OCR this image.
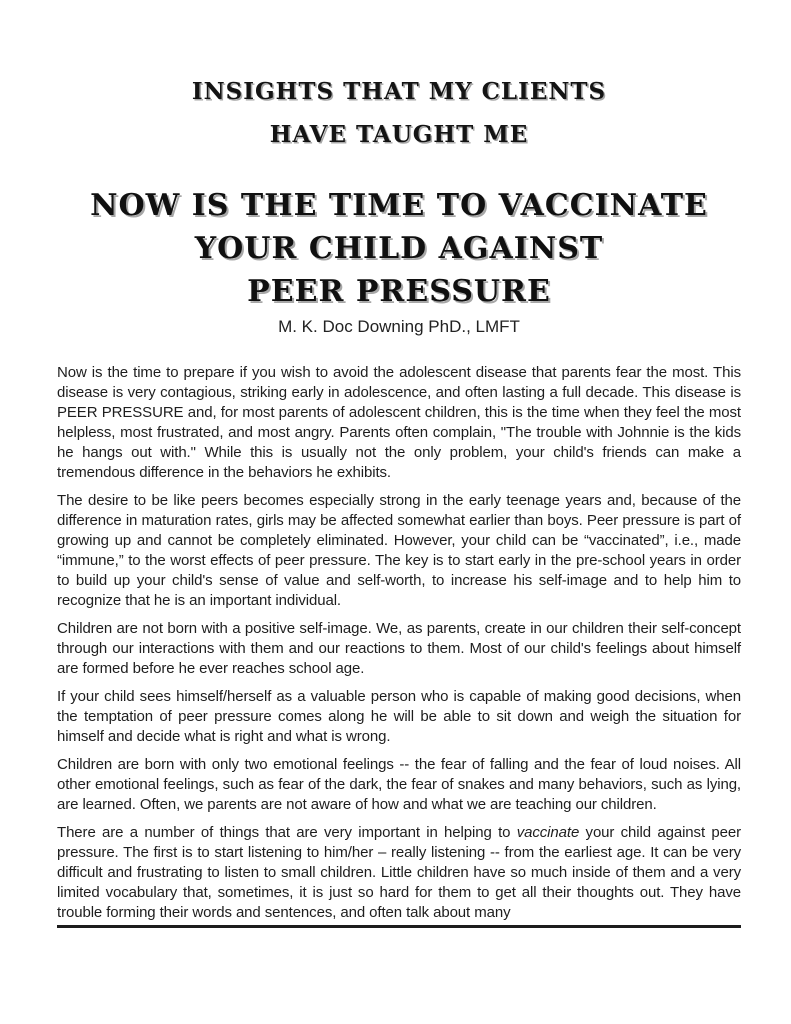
INSIGHTS THAT MY CLIENTS
HAVE TAUGHT ME
NOW IS THE TIME TO VACCINATE
YOUR CHILD AGAINST
PEER PRESSURE
M. K. Doc Downing PhD., LMFT

Now is the time to prepare if you wish to avoid the adolescent disease that parents fear the most. This disease is very contagious, striking early in adolescence, and often lasting a full decade. This disease is PEER PRESSURE and, for most parents of adolescent children, this is the time when they feel the most helpless, most frustrated, and most angry. Parents often complain, "The trouble with Johnnie is the kids he hangs out with." While this is usually not the only problem, your child's friends can make a tremendous difference in the behaviors he exhibits.

The desire to be like peers becomes especially strong in the early teenage years and, because of the difference in maturation rates, girls may be affected somewhat earlier than boys. Peer pressure is part of growing up and cannot be completely eliminated. However, your child can be “vaccinated”, i.e., made “immune,” to the worst effects of peer pressure. The key is to start early in the pre-school years in order to build up your child's sense of value and self-worth, to increase his self-image and to help him to recognize that he is an important individual.

Children are not born with a positive self-image. We, as parents, create in our children their self-concept through our interactions with them and our reactions to them. Most of our child's feelings about himself are formed before he ever reaches school age.

If your child sees himself/herself as a valuable person who is capable of making good decisions, when the temptation of peer pressure comes along he will be able to sit down and weigh the situation for himself and decide what is right and what is wrong.

Children are born with only two emotional feelings -- the fear of falling and the fear of loud noises. All other emotional feelings, such as fear of the dark, the fear of snakes and many behaviors, such as lying, are learned. Often, we parents are not aware of how and what we are teaching our children.

There are a number of things that are very important in helping to vaccinate your child against peer pressure. The first is to start listening to him/her – really listening -- from the earliest age. It can be very difficult and frustrating to listen to small children. Little children have so much inside of them and a very limited vocabulary that, sometimes, it is just so hard for them to get all their thoughts out. They have trouble forming their words and sentences, and often talk about many
